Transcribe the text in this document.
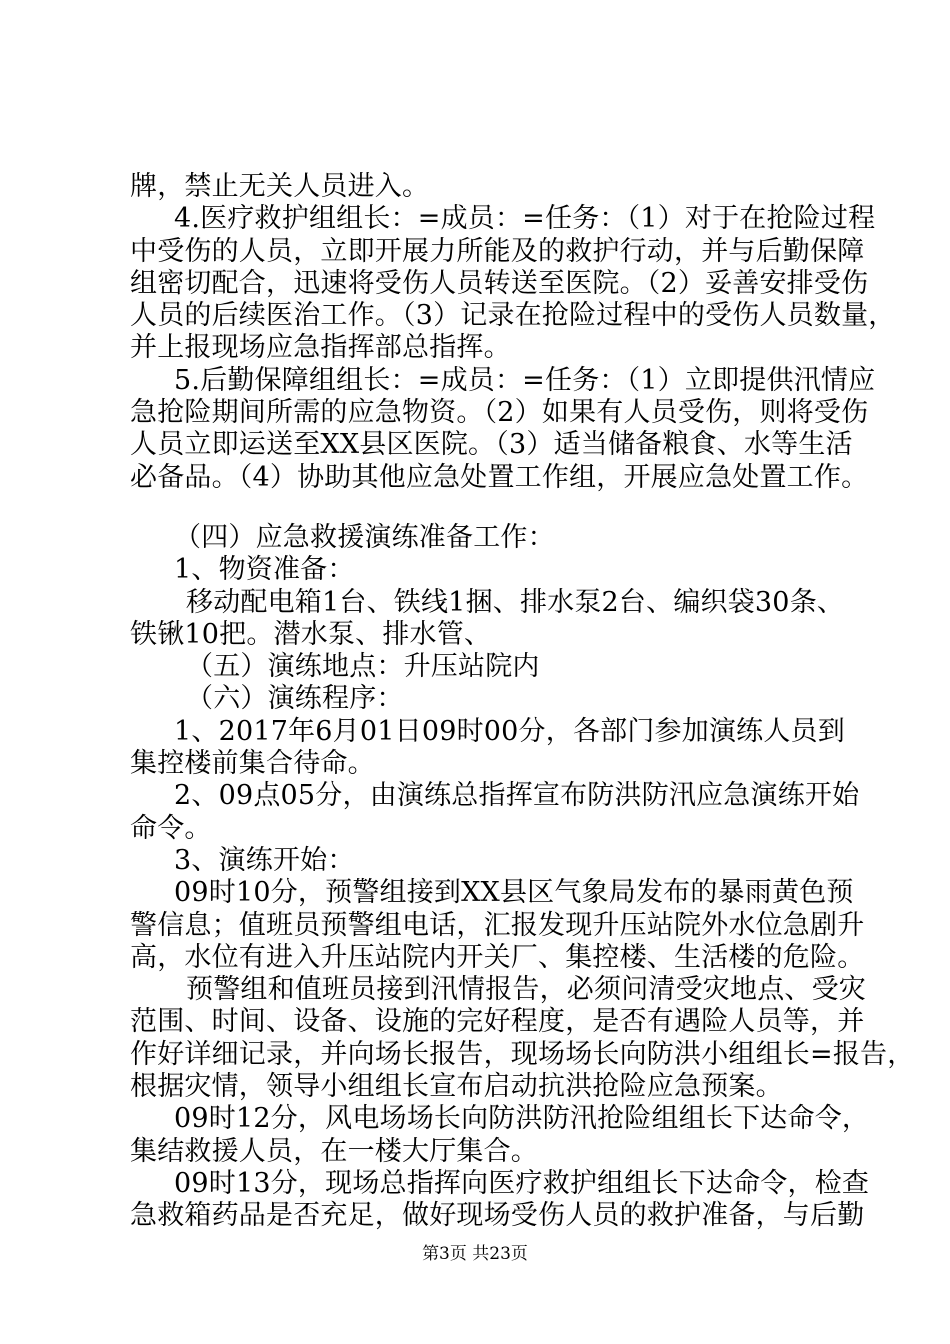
牌，禁止无关人员进入。
4.医疗救护组组长：=成员：=任务：（1）对于在抢险过程
中受伤的人员，立即开展力所能及的救护行动，并与后勤保障
组密切配合，迅速将受伤人员转送至医院。（2）妥善安排受伤
人员的后续医治工作。（3）记录在抢险过程中的受伤人员数量，
并上报现场应急指挥部总指挥。
5.后勤保障组组长：=成员：=任务：（1）立即提供汛情应
急抢险期间所需的应急物资。（2）如果有人员受伤，则将受伤
人员立即运送至XX县区医院。（3）适当储备粮食、水等生活
必备品。（4）协助其他应急处置工作组，开展应急处置工作。
（四）应急救援演练准备工作：
1、物资准备：
移动配电箱1台、铁线1捆、排水泵2台、编织袋30条、
铁锹10把。潜水泵、排水管、
（五）演练地点：升压站院内
（六）演练程序：
1、2017年6月01日09时00分，各部门参加演练人员到
集控楼前集合待命。
2、09点05分，由演练总指挥宣布防洪防汛应急演练开始
命令。
3、演练开始：
09时10分，预警组接到XX县区气象局发布的暴雨黄色预
警信息；值班员预警组电话，汇报发现升压站院外水位急剧升
高，水位有进入升压站院内开关厂、集控楼、生活楼的危险。
预警组和值班员接到汛情报告，必须问清受灾地点、受灾
范围、时间、设备、设施的完好程度，是否有遇险人员等，并
作好详细记录，并向场长报告，现场场长向防洪小组组长=报告，
根据灾情，领导小组组长宣布启动抗洪抢险应急预案。
09时12分，风电场场长向防洪防汛抢险组组长下达命令，
集结救援人员，在一楼大厅集合。
09时13分，现场总指挥向医疗救护组组长下达命令，检查
急救箱药品是否充足，做好现场受伤人员的救护准备，与后勤
第3页 共23页
